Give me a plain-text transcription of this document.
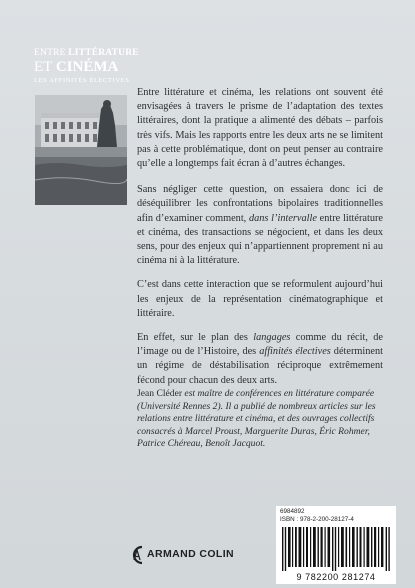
ENTRE LITTÉRATURE
ET CINÉMA
LES AFFINITÉS ÉLECTIVES

Entre littérature et cinéma, les relations ont souvent été envisagées à travers le prisme de l’adaptation des textes littéraires, dont la pratique a alimenté des débats – parfois très vifs. Mais les rapports entre les deux arts ne se limitent pas à cette problématique, dont on peut penser au contraire qu’elle a longtemps fait écran à d’autres échanges.

Sans négliger cette question, on essaiera donc ici de déséquilibrer les confrontations bipolaires traditionnelles afin d’examiner comment, dans l’intervalle entre littérature et cinéma, des transactions se négocient, et dans les deux sens, pour des enjeux qui n’appartiennent proprement ni au cinéma ni à la littérature.

C’est dans cette interaction que se reformulent aujourd’hui les enjeux de la représentation cinématographique et littéraire.

En effet, sur le plan des langages comme du récit, de l’image ou de l’Histoire, des affinités électives déterminent un régime de déstabilisation réciproque extrêmement fécond pour chacun des deux arts.

Jean Cléder est maître de conférences en littérature comparée (Université Rennes 2). Il a publié de nombreux articles sur les relations entre littérature et cinéma, et des ouvrages collectifs consacrés à Marcel Proust, Marguerite Duras, Éric Rohmer, Patrice Chéreau, Benoît Jacquot.
ARMAND COLIN
6984892
ISBN : 978-2-200-28127-4
9 782200 281274
